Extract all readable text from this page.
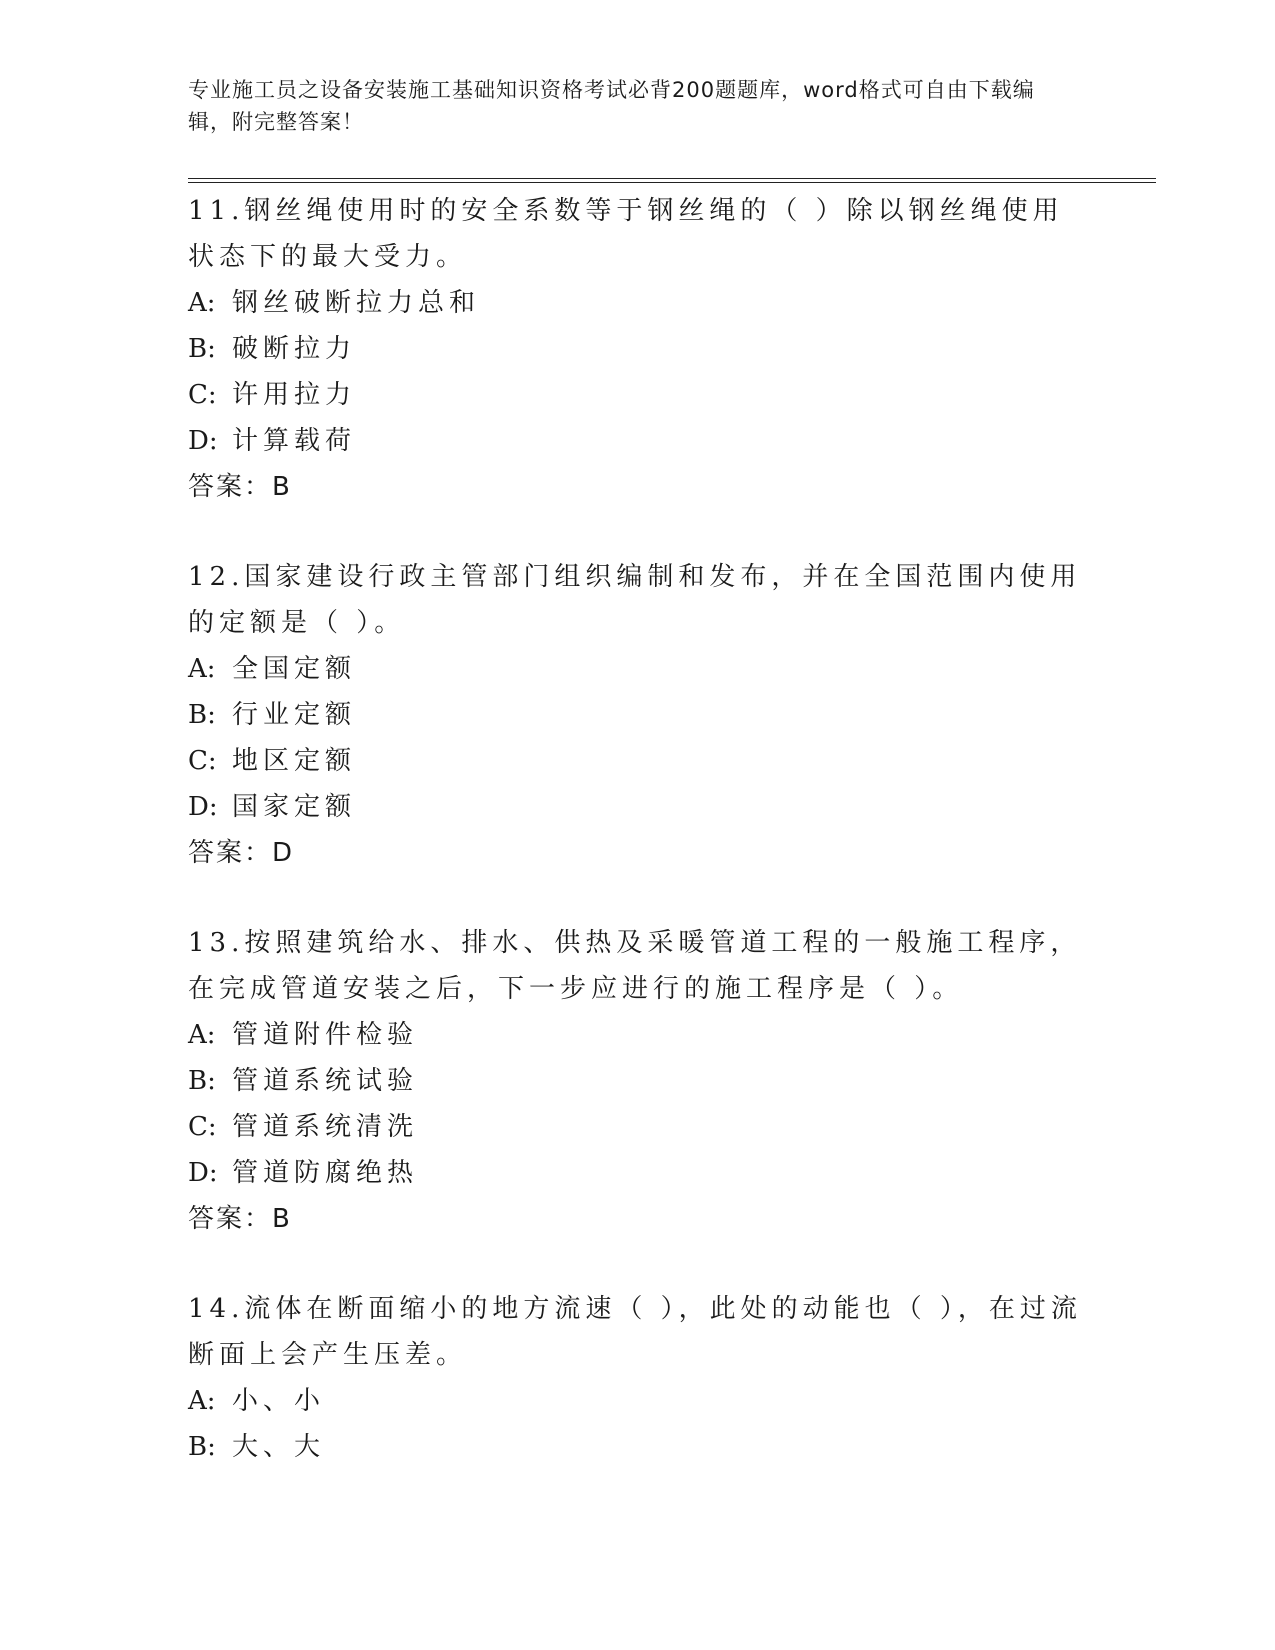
专业施工员之设备安装施工基础知识资格考试必背200题题库，word格式可自由下载编辑，附完整答案！

11.钢丝绳使用时的安全系数等于钢丝绳的（ ）除以钢丝绳使用状态下的最大受力。

A: 钢丝破断拉力总和

B: 破断拉力

C: 许用拉力

D: 计算载荷

答案：B

12.国家建设行政主管部门组织编制和发布，并在全国范围内使用的定额是（ ）。

A: 全国定额

B: 行业定额

C: 地区定额

D: 国家定额

答案：D

13.按照建筑给水、排水、供热及采暖管道工程的一般施工程序，在完成管道安装之后，下一步应进行的施工程序是（ ）。

A: 管道附件检验

B: 管道系统试验

C: 管道系统清洗

D: 管道防腐绝热

答案：B

14.流体在断面缩小的地方流速（ ），此处的动能也（ ），在过流断面上会产生压差。

A: 小、小

B: 大、大
